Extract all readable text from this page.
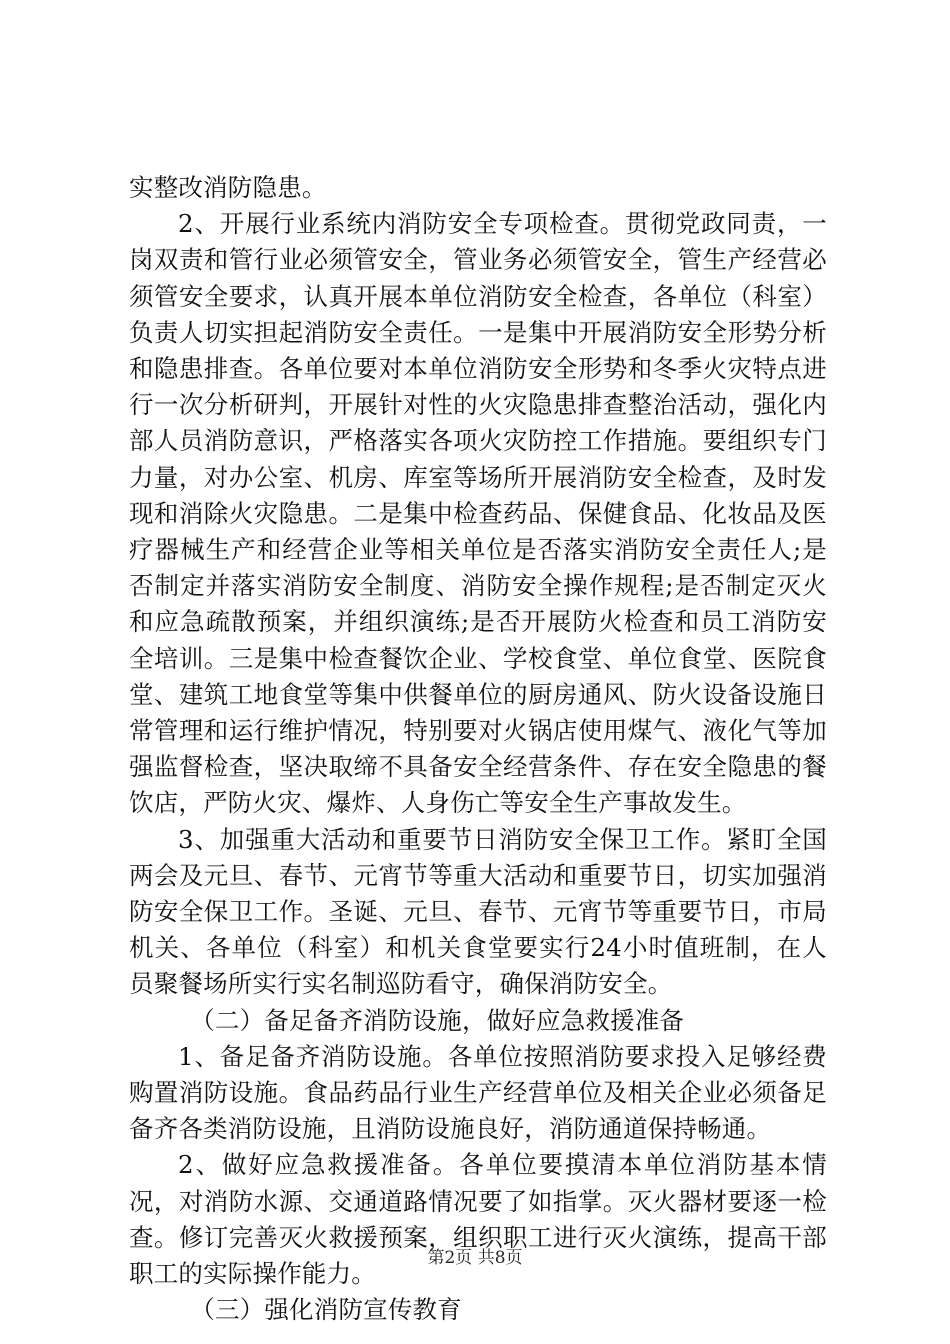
实整改消防隐患。

2、开展行业系统内消防安全专项检查。贯彻党政同责，一岗双责和管行业必须管安全，管业务必须管安全，管生产经营必须管安全要求，认真开展本单位消防安全检查，各单位（科室）负责人切实担起消防安全责任。一是集中开展消防安全形势分析和隐患排查。各单位要对本单位消防安全形势和冬季火灾特点进行一次分析研判，开展针对性的火灾隐患排查整治活动，强化内部人员消防意识，严格落实各项火灾防控工作措施。要组织专门力量，对办公室、机房、库室等场所开展消防安全检查，及时发现和消除火灾隐患。二是集中检查药品、保健食品、化妆品及医疗器械生产和经营企业等相关单位是否落实消防安全责任人;是否制定并落实消防安全制度、消防安全操作规程;是否制定灭火和应急疏散预案，并组织演练;是否开展防火检查和员工消防安全培训。三是集中检查餐饮企业、学校食堂、单位食堂、医院食堂、建筑工地食堂等集中供餐单位的厨房通风、防火设备设施日常管理和运行维护情况，特别要对火锅店使用煤气、液化气等加强监督检查，坚决取缔不具备安全经营条件、存在安全隐患的餐饮店，严防火灾、爆炸、人身伤亡等安全生产事故发生。

3、加强重大活动和重要节日消防安全保卫工作。紧盯全国两会及元旦、春节、元宵节等重大活动和重要节日，切实加强消防安全保卫工作。圣诞、元旦、春节、元宵节等重要节日，市局机关、各单位（科室）和机关食堂要实行24小时值班制，在人员聚餐场所实行实名制巡防看守，确保消防安全。

（二）备足备齐消防设施，做好应急救援准备

1、备足备齐消防设施。各单位按照消防要求投入足够经费购置消防设施。食品药品行业生产经营单位及相关企业必须备足备齐各类消防设施，且消防设施良好，消防通道保持畅通。

2、做好应急救援准备。各单位要摸清本单位消防基本情况，对消防水源、交通道路情况要了如指掌。灭火器材要逐一检查。修订完善灭火救援预案，组织职工进行灭火演练，提高干部职工的实际操作能力。

（三）强化消防宣传教育

第2页 共8页
